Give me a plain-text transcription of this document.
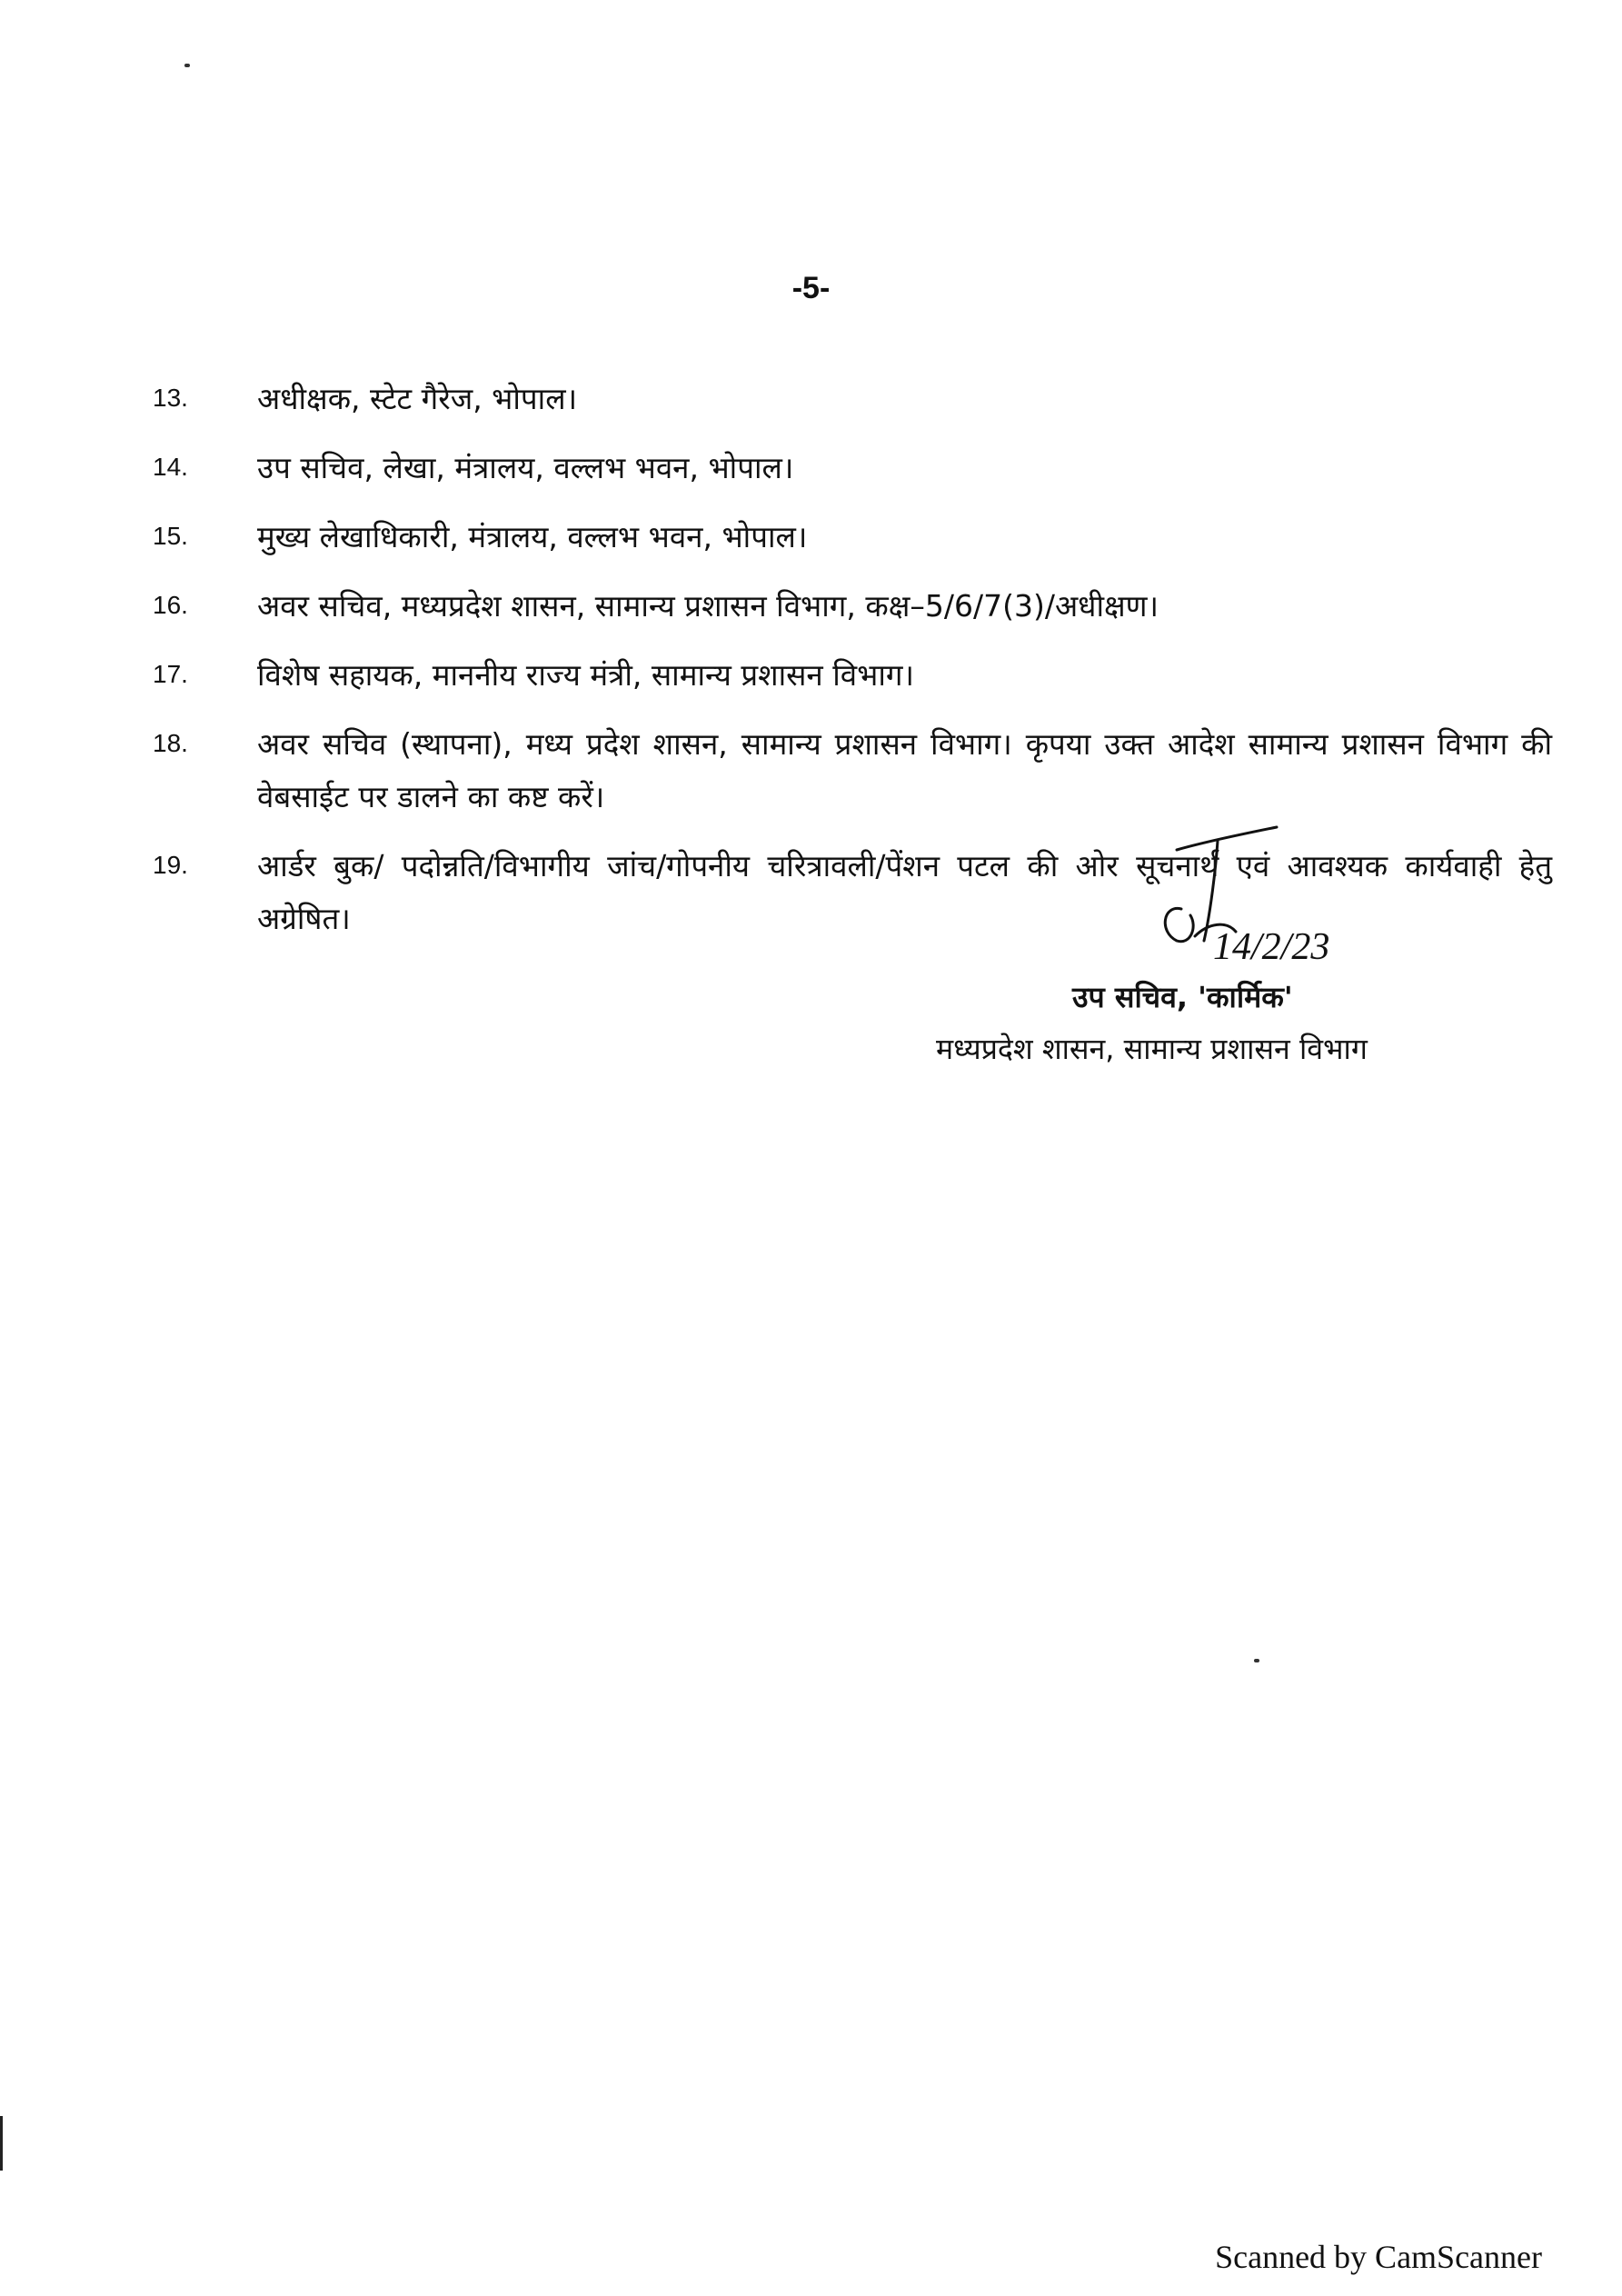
-5-
13.	अधीक्षक, स्टेट गैरेज, भोपाल।
14.	उप सचिव, लेखा, मंत्रालय, वल्लभ भवन, भोपाल।
15.	मुख्य लेखाधिकारी, मंत्रालय, वल्लभ भवन, भोपाल।
16.	अवर सचिव, मध्यप्रदेश शासन, सामान्य प्रशासन विभाग, कक्ष–5/6/7(3)/अधीक्षण।
17.	विशेष सहायक, माननीय राज्य मंत्री, सामान्य प्रशासन विभाग।
18.	अवर सचिव (स्थापना), मध्य प्रदेश शासन, सामान्य प्रशासन विभाग। कृपया उक्त आदेश सामान्य प्रशासन विभाग की वेबसाईट पर डालने का कष्ट करें।
19.	आर्डर बुक/ पदोन्नति/विभागीय जांच/गोपनीय चरित्रावली/पेंशन पटल की ओर सूचनार्थ एवं आवश्यक कार्यवाही हेतु अग्रेषित।
14/2/23
उप सचिव, 'कार्मिक'
मध्यप्रदेश शासन, सामान्य प्रशासन विभाग
Scanned by CamScanner
